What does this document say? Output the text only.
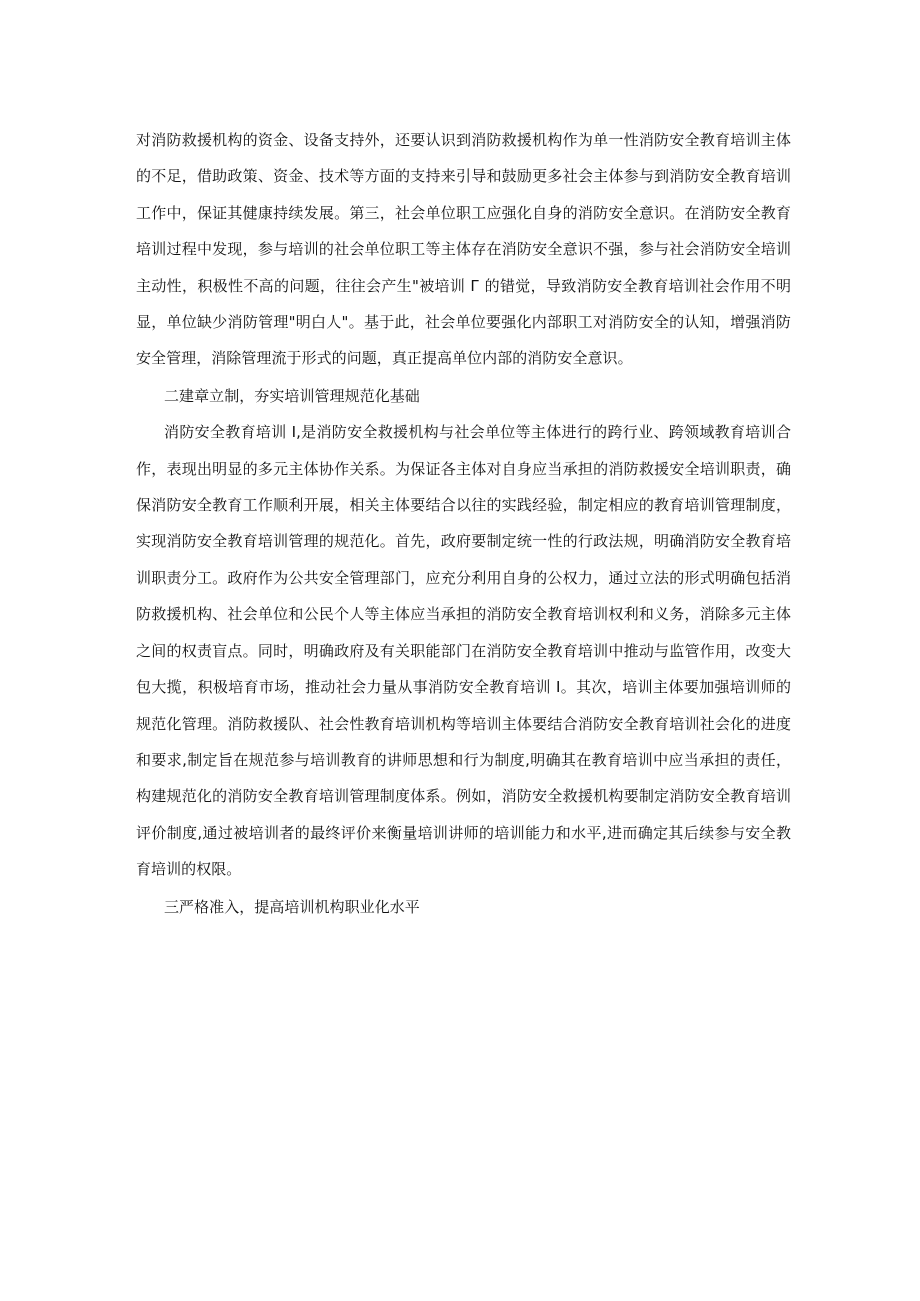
对消防救援机构的资金、设备支持外，还要认识到消防救援机构作为单一性消防安全教育培训主体的不足，借助政策、资金、技术等方面的支持来引导和鼓励更多社会主体参与到消防安全教育培训工作中，保证其健康持续发展。第三，社会单位职工应强化自身的消防安全意识。在消防安全教育培训过程中发现，参与培训的社会单位职工等主体存在消防安全意识不强，参与社会消防安全培训主动性，积极性不高的问题，往往会产生"被培训 Г 的错觉，导致消防安全教育培训社会作用不明显，单位缺少消防管理"明白人"。基于此，社会单位要强化内部职工对消防安全的认知，增强消防安全管理，消除管理流于形式的问题，真正提高单位内部的消防安全意识。

二建章立制，夯实培训管理规范化基础

消防安全教育培训 I,是消防安全救援机构与社会单位等主体进行的跨行业、跨领域教育培训合作，表现出明显的多元主体协作关系。为保证各主体对自身应当承担的消防救援安全培训职责，确保消防安全教育工作顺利开展，相关主体要结合以往的实践经验，制定相应的教育培训管理制度，实现消防安全教育培训管理的规范化。首先，政府要制定统一性的行政法规，明确消防安全教育培训职责分工。政府作为公共安全管理部门，应充分利用自身的公权力，通过立法的形式明确包括消防救援机构、社会单位和公民个人等主体应当承担的消防安全教育培训权利和义务，消除多元主体之间的权责盲点。同时，明确政府及有关职能部门在消防安全教育培训中推动与监管作用，改变大包大揽，积极培育市场，推动社会力量从事消防安全教育培训 I。其次，培训主体要加强培训师的规范化管理。消防救援队、社会性教育培训机构等培训主体要结合消防安全教育培训社会化的进度和要求,制定旨在规范参与培训教育的讲师思想和行为制度,明确其在教育培训中应当承担的责任，构建规范化的消防安全教育培训管理制度体系。例如，消防安全救援机构要制定消防安全教育培训评价制度,通过被培训者的最终评价来衡量培训讲师的培训能力和水平,进而确定其后续参与安全教育培训的权限。

三严格准入，提高培训机构职业化水平
